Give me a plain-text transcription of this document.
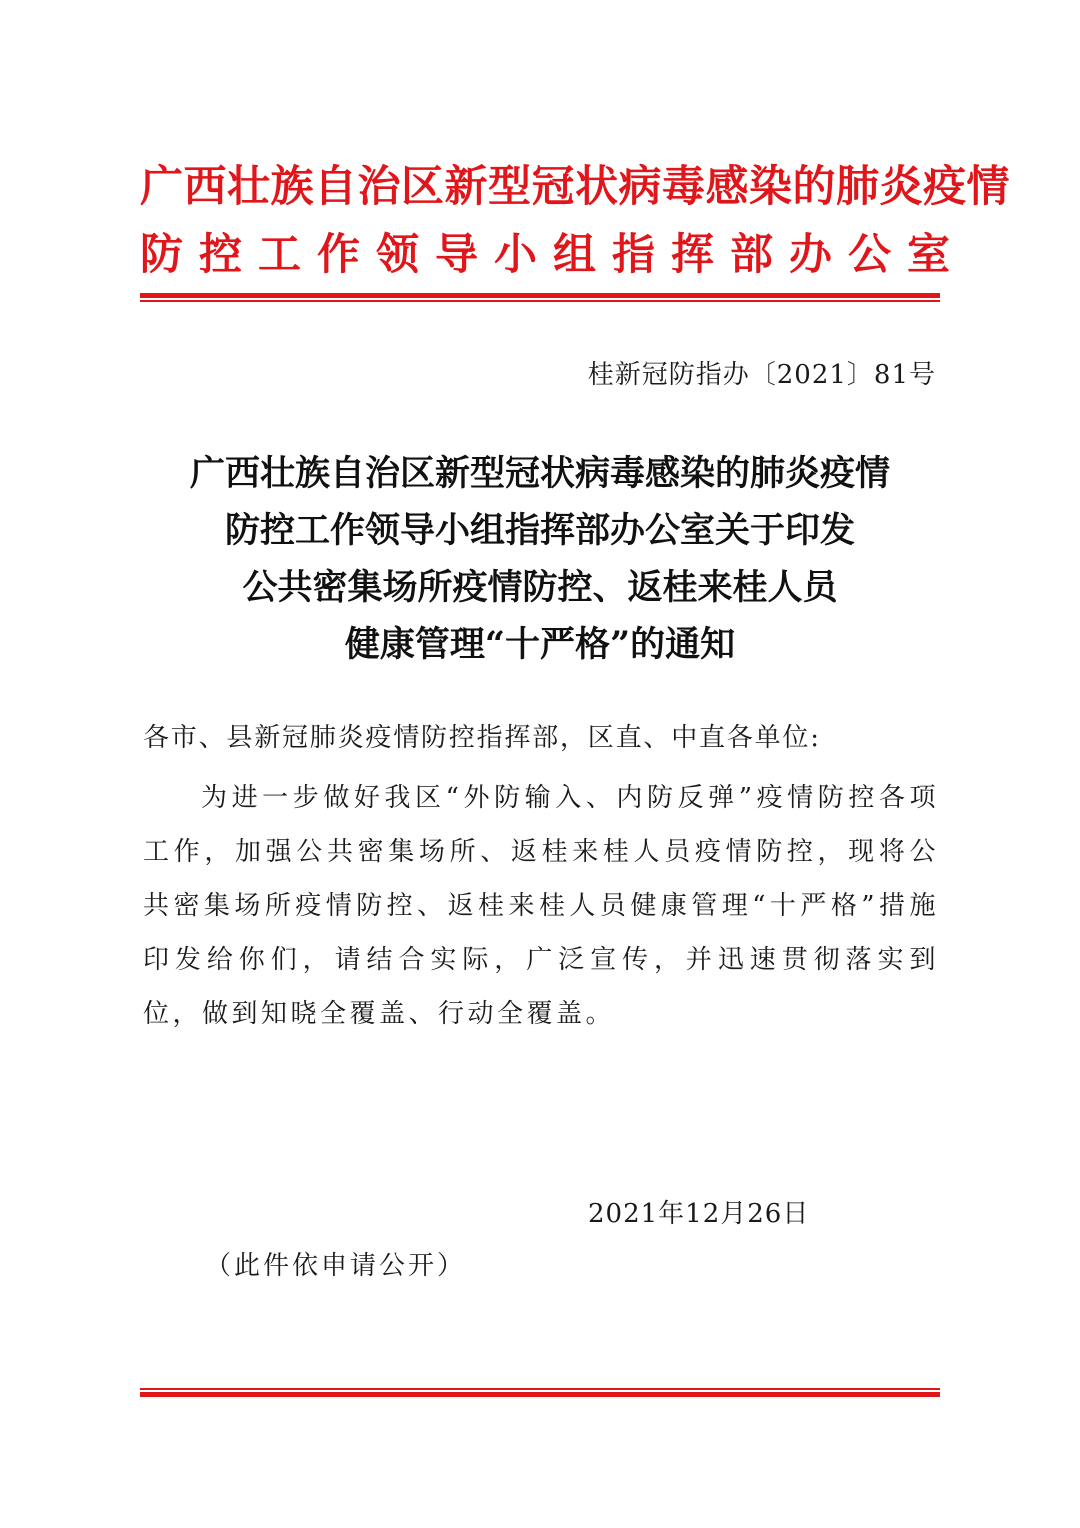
广西壮族自治区新型冠状病毒感染的肺炎疫情
防控工作领导小组指挥部办公室
桂新冠防指办〔2021〕81号
广西壮族自治区新型冠状病毒感染的肺炎疫情
防控工作领导小组指挥部办公室关于印发
公共密集场所疫情防控、返桂来桂人员
健康管理“十严格”的通知
各市、县新冠肺炎疫情防控指挥部，区直、中直各单位:
为进一步做好我区“外防输入、内防反弹”疫情防控各项工作，加强公共密集场所、返桂来桂人员疫情防控，现将公共密集场所疫情防控、返桂来桂人员健康管理“十严格”措施印发给你们，请结合实际，广泛宣传，并迅速贯彻落实到位，做到知晓全覆盖、行动全覆盖。
2021年12月26日
（此件依申请公开）
